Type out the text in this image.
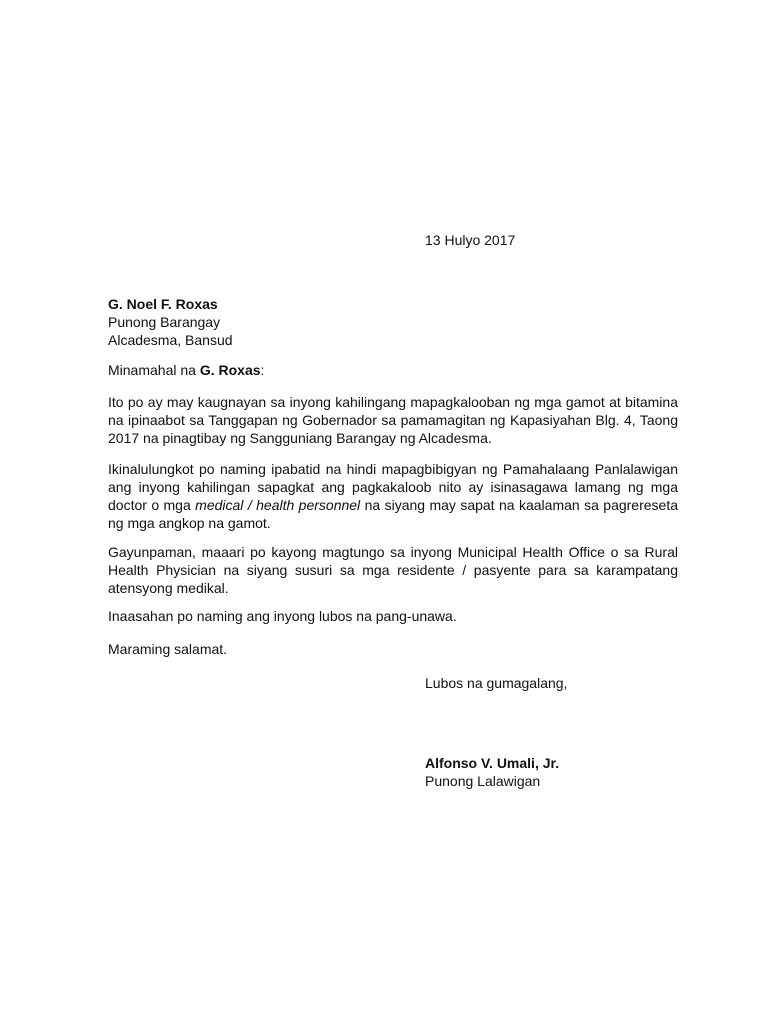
13 Hulyo 2017
G. Noel F. Roxas
Punong Barangay
Alcadesma, Bansud
Minamahal na G. Roxas:

Ito po ay may kaugnayan sa inyong kahilingang mapagkalooban ng mga gamot at bitamina na ipinaabot sa Tanggapan ng Gobernador sa pamamagitan ng Kapasiyahan Blg. 4, Taong 2017 na pinagtibay ng Sangguniang Barangay ng Alcadesma.

Ikinalulungkot po naming ipabatid na hindi mapagbibigyan ng Pamahalaang Panlalawigan ang inyong kahilingan sapagkat ang pagkakaloob nito ay isinasagawa lamang ng mga doctor o mga medical / health personnel na siyang may sapat na kaalaman sa pagrereseta ng mga angkop na gamot.

Gayunpaman, maaari po kayong magtungo sa inyong Municipal Health Office o sa Rural Health Physician na siyang susuri sa mga residente / pasyente para sa karampatang atensyong medikal.

Inaasahan po naming ang inyong lubos na pang-unawa.

Maraming salamat.

Lubos na gumagalang,
Alfonso V. Umali, Jr.
Punong Lalawigan
